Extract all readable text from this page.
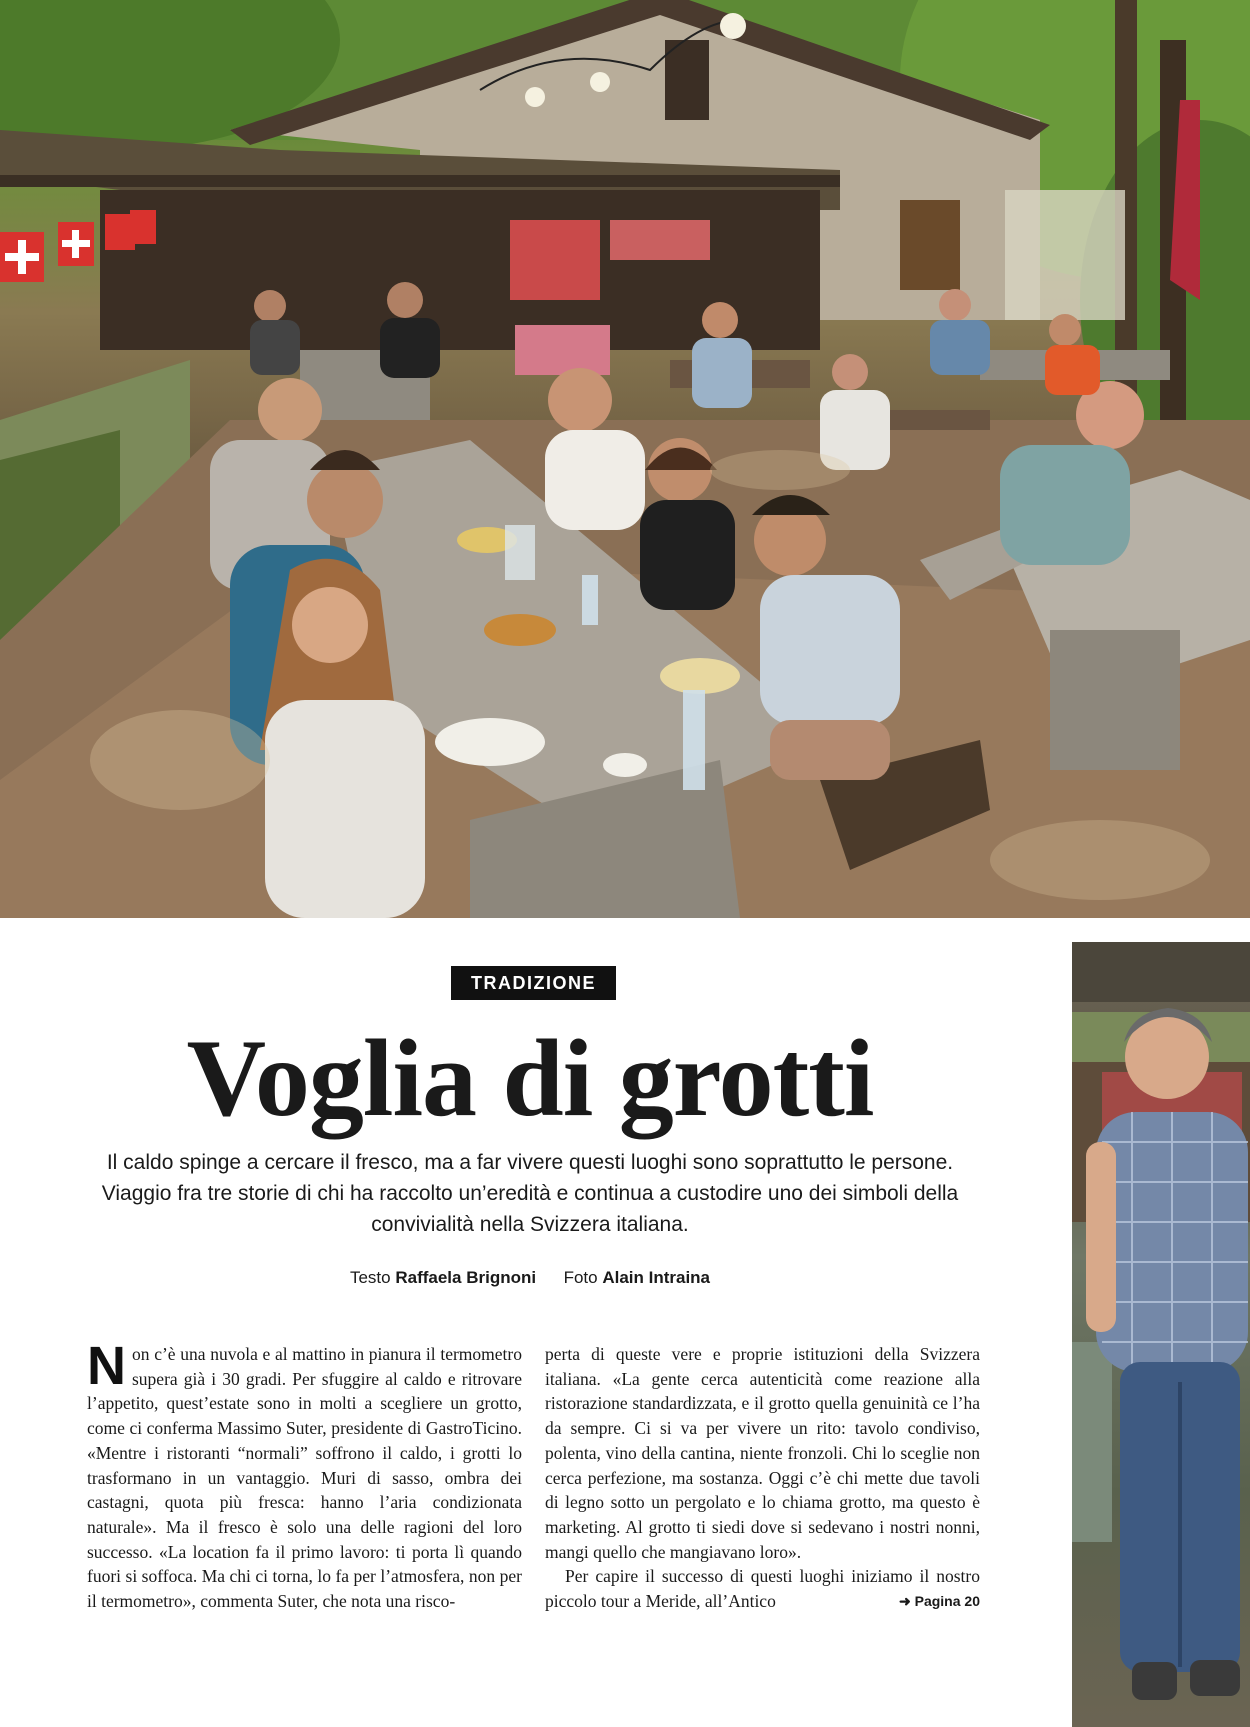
TRADIZIONE
Voglia di grotti

Il caldo spinge a cercare il fresco, ma a far vivere questi luoghi sono soprattutto le persone. Viaggio fra tre storie di chi ha raccolto un’eredità e continua a custodire uno dei simboli della convivialità nella Svizzera italiana.

Testo Raffaela Brignoni Foto Alain Intraina

Non c’è una nuvola e al mattino in pianura il termometro supera già i 30 gradi. Per sfuggire al caldo e ritrovare l’appetito, quest’estate sono in molti a scegliere un grotto, come ci conferma Massimo Suter, presidente di GastroTicino. «Mentre i ristoranti “normali” soffrono il caldo, i grotti lo trasformano in un vantaggio. Muri di sasso, ombra dei castagni, quota più fresca: hanno l’aria condizionata naturale». Ma il fresco è solo una delle ragioni del loro successo. «La location fa il primo lavoro: ti porta lì quando fuori si soffoca. Ma chi ci torna, lo fa per l’atmosfera, non per il termometro», commenta Suter, che nota una risco-

perta di queste vere e proprie istituzioni della Svizzera italiana. «La gente cerca autenticità come reazione alla ristorazione standardizzata, e il grotto quella genuinità ce l’ha da sempre. Ci si va per vivere un rito: tavolo condiviso, polenta, vino della cantina, niente fronzoli. Chi lo sceglie non cerca perfezione, ma sostanza. Oggi c’è chi mette due tavoli di legno sotto un pergolato e lo chiama grotto, ma questo è marketing. Al grotto ti siedi dove si sedevano i nostri nonni, mangi quello che mangiavano loro».

Per capire il successo di questi luoghi iniziamo il nostro piccolo tour a Meride, all’Antico	➜ Pagina 20
